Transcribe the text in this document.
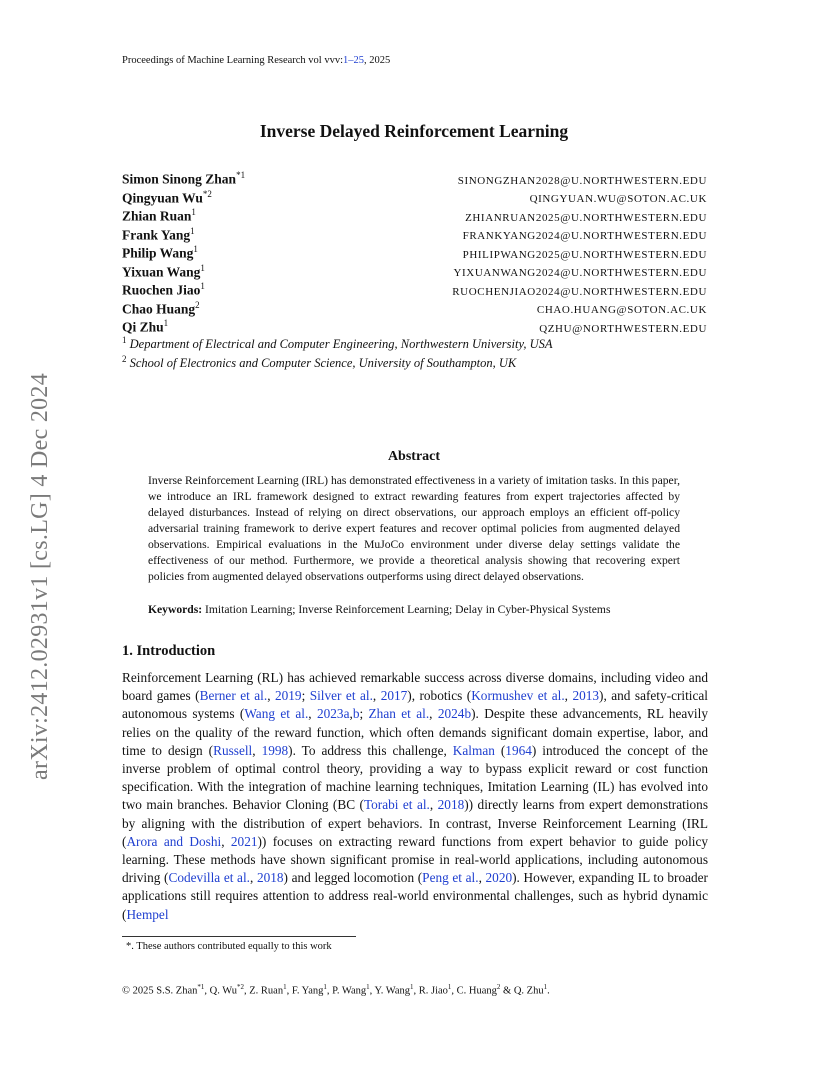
Proceedings of Machine Learning Research vol vvv:1–25, 2025
arXiv:2412.02931v1 [cs.LG] 4 Dec 2024
Inverse Delayed Reinforcement Learning
Simon Sinong Zhan$^{*1}$	SINONGZHAN2028@U.NORTHWESTERN.EDU
Qingyuan Wu$^{*2}$	QINGYUAN.WU@SOTON.AC.UK
Zhian Ruan$^1$	ZHIANRUAN2025@U.NORTHWESTERN.EDU
Frank Yang$^1$	FRANKYANG2024@U.NORTHWESTERN.EDU
Philip Wang$^1$	PHILIPWANG2025@U.NORTHWESTERN.EDU
Yixuan Wang$^1$	YIXUANWANG2024@U.NORTHWESTERN.EDU
Ruochen Jiao$^1$	RUOCHENJIAO2024@U.NORTHWESTERN.EDU
Chao Huang$^2$	CHAO.HUANG@SOTON.AC.UK
Qi Zhu$^1$	QZHU@NORTHWESTERN.EDU
$^1$ Department of Electrical and Computer Engineering, Northwestern University, USA
$^2$ School of Electronics and Computer Science, University of Southampton, UK
Abstract
Inverse Reinforcement Learning (IRL) has demonstrated effectiveness in a variety of imitation tasks. In this paper, we introduce an IRL framework designed to extract rewarding features from expert trajectories affected by delayed disturbances. Instead of relying on direct observations, our approach employs an efficient off-policy adversarial training framework to derive expert features and recover optimal policies from augmented delayed observations. Empirical evaluations in the MuJoCo environment under diverse delay settings validate the effectiveness of our method. Furthermore, we provide a theoretical analysis showing that recovering expert policies from augmented delayed observations outperforms using direct delayed observations.
Keywords: Imitation Learning; Inverse Reinforcement Learning; Delay in Cyber-Physical Systems
1. Introduction
Reinforcement Learning (RL) has achieved remarkable success across diverse domains, including video and board games (Berner et al., 2019; Silver et al., 2017), robotics (Kormushev et al., 2013), and safety-critical autonomous systems (Wang et al., 2023a,b; Zhan et al., 2024b). Despite these advancements, RL heavily relies on the quality of the reward function, which often demands significant domain expertise, labor, and time to design (Russell, 1998). To address this challenge, Kalman (1964) introduced the concept of the inverse problem of optimal control theory, providing a way to bypass explicit reward or cost function specification. With the integration of machine learning techniques, Imitation Learning (IL) has evolved into two main branches. Behavior Cloning (BC (Torabi et al., 2018)) directly learns from expert demonstrations by aligning with the distribution of expert behaviors. In contrast, Inverse Reinforcement Learning (IRL (Arora and Doshi, 2021)) focuses on extracting reward functions from expert behavior to guide policy learning. These methods have shown significant promise in real-world applications, including autonomous driving (Codevilla et al., 2018) and legged locomotion (Peng et al., 2020). However, expanding IL to broader applications still requires attention to address real-world environmental challenges, such as hybrid dynamic (Hempel
*. These authors contributed equally to this work
© 2025 S.S. Zhan$^{*1}$, Q. Wu$^{*2}$, Z. Ruan$^1$, F. Yang$^1$, P. Wang$^1$, Y. Wang$^1$, R. Jiao$^1$, C. Huang$^2$ & Q. Zhu$^1$.
